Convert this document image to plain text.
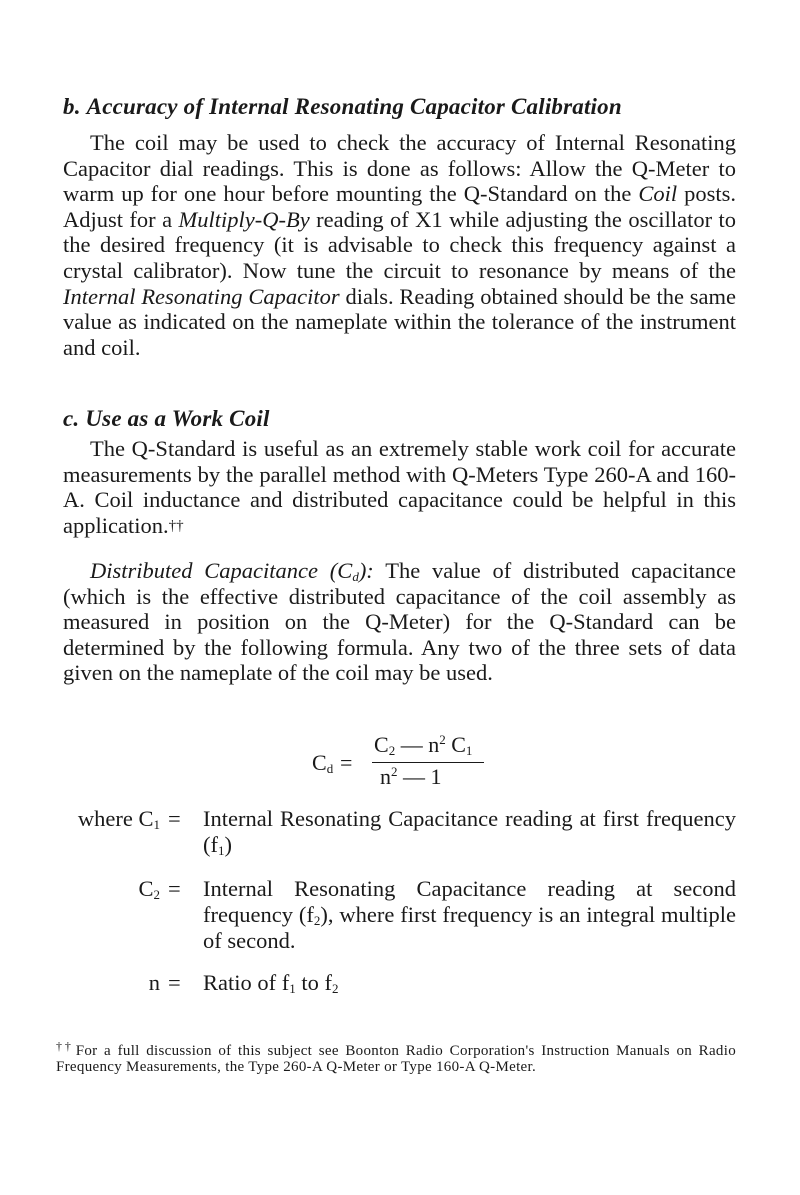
b. Accuracy of Internal Resonating Capacitor Calibration

The coil may be used to check the accuracy of Internal Resonating Capacitor dial readings. This is done as follows: Allow the Q-Meter to warm up for one hour before mounting the Q-Standard on the Coil posts. Adjust for a Multiply-Q-By reading of X1 while adjusting the oscillator to the desired frequency (it is advisable to check this frequency against a crystal calibrator). Now tune the circuit to resonance by means of the Internal Resonating Capacitor dials. Reading obtained should be the same value as indicated on the nameplate within the tolerance of the instrument and coil.

c. Use as a Work Coil

The Q-Standard is useful as an extremely stable work coil for accurate measurements by the parallel method with Q-Meters Type 260-A and 160-A. Coil inductance and distributed capacitance could be helpful in this application.††

Distributed Capacitance $(C_d)$: The value of distributed capacitance (which is the effective distributed capacitance of the coil assembly as measured in position on the Q-Meter) for the Q-Standard can be determined by the following formula. Any two of the three sets of data given on the nameplate of the coil may be used.

$C_d$ =
$C_2$ — $n^2$ $C_1$
$n^2$ — 1
where $C_1$ = Internal Resonating Capacitance reading at first frequency $(f_1)$
$C_2$ = Internal Resonating Capacitance reading at second frequency $(f_2)$, where first frequency is an integral multiple of second.
n = Ratio of $f_1$ to $f_2$

†† For a full discussion of this subject see Boonton Radio Corporation's Instruction Manuals on Radio Frequency Measurements, the Type 260-A Q-Meter or Type 160-A Q-Meter.
